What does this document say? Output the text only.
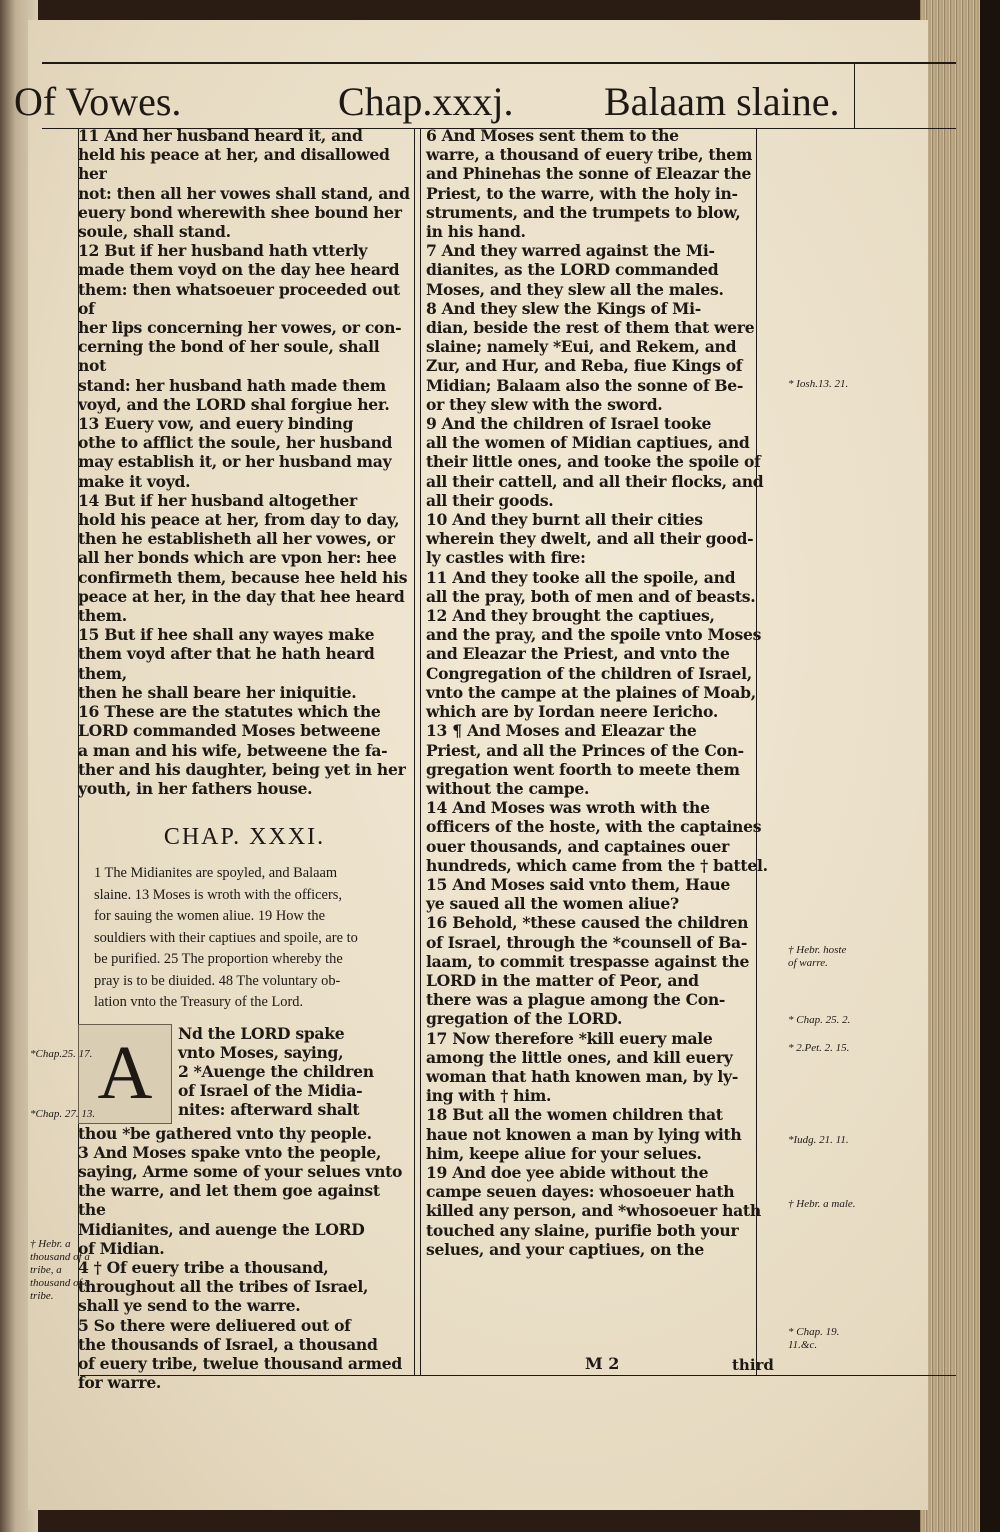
Of Vowes.	Chap.xxxj. Balaam slaine.

11 And her husband heard it, and

held his peace at her, and disallowed her

not: then all her vowes shall stand, and

euery bond wherewith shee bound her

soule, shall stand.

12 But if her husband hath vtterly

made them voyd on the day hee heard

them: then whatsoeuer proceeded out of

her lips concerning her vowes, or con-

cerning the bond of her soule, shall not

stand: her husband hath made them

voyd, and the LORD shal forgiue her.

13 Euery vow, and euery binding

othe to afflict the soule, her husband

may establish it, or her husband may

make it voyd.

14 But if her husband altogether

hold his peace at her, from day to day,

then he establisheth all her vowes, or

all her bonds which are vpon her: hee

confirmeth them, because hee held his

peace at her, in the day that hee heard

them.

15 But if hee shall any wayes make

them voyd after that he hath heard them,

then he shall beare her iniquitie.

16 These are the statutes which the

LORD commanded Moses betweene

a man and his wife, betweene the fa-

ther and his daughter, being yet in her

youth, in her fathers house.

CHAP. XXXI.

1 The Midianites are spoyled, and Balaam

slaine. 13 Moses is wroth with the officers,

for sauing the women aliue. 19 How the

souldiers with their captiues and spoile, are to

be purified. 25 The proportion whereby the

pray is to be diuided. 48 The voluntary ob-

lation vnto the Treasury of the Lord.

A	Nd the LORD spake

vnto Moses, saying,

2 *Auenge the children

of Israel of the Midia-

nites: afterward shalt

thou *be gathered vnto thy people.

3 And Moses spake vnto the people,

saying, Arme some of your selues vnto

the warre, and let them goe against the

Midianites, and auenge the LORD

of Midian.

4 † Of euery tribe a thousand,

throughout all the tribes of Israel,

shall ye send to the warre.

5 So there were deliuered out of

the thousands of Israel, a thousand

of euery tribe, twelue thousand armed

for warre.

6 And Moses sent them to the

warre, a thousand of euery tribe, them

and Phinehas the sonne of Eleazar the

Priest, to the warre, with the holy in-

struments, and the trumpets to blow,

in his hand.

7 And they warred against the Mi-

dianites, as the LORD commanded

Moses, and they slew all the males.

8 And they slew the Kings of Mi-

dian, beside the rest of them that were

slaine; namely *Eui, and Rekem, and

Zur, and Hur, and Reba, fiue Kings of

Midian; Balaam also the sonne of Be-

or they slew with the sword.

9 And the children of Israel tooke

all the women of Midian captiues, and

their little ones, and tooke the spoile of

all their cattell, and all their flocks, and

all their goods.

10 And they burnt all their cities

wherein they dwelt, and all their good-

ly castles with fire:

11 And they tooke all the spoile, and

all the pray, both of men and of beasts.

12 And they brought the captiues,

and the pray, and the spoile vnto Moses

and Eleazar the Priest, and vnto the

Congregation of the children of Israel,

vnto the campe at the plaines of Moab,

which are by Iordan neere Iericho.

13 ¶ And Moses and Eleazar the

Priest, and all the Princes of the Con-

gregation went foorth to meete them

without the campe.

14 And Moses was wroth with the

officers of the hoste, with the captaines

ouer thousands, and captaines ouer

hundreds, which came from the † battel.

15 And Moses said vnto them, Haue

ye saued all the women aliue?

16 Behold, *these caused the children

of Israel, through the *counsell of Ba-

laam, to commit trespasse against the

LORD in the matter of Peor, and

there was a plague among the Con-

gregation of the LORD.

17 Now therefore *kill euery male

among the little ones, and kill euery

woman that hath knowen man, by ly-

ing with † him.

18 But all the women children that

haue not knowen a man by lying with

him, keepe aliue for your selues.

19 And doe yee abide without the

campe seuen dayes: whosoeuer hath

killed any person, and *whosoeuer hath

touched any slaine, purifie both your

selues, and your captiues, on the

*Chap.25. 17.
*Chap. 27. 13.
† Hebr. a thousand of a tribe, a thousand of a tribe.
* Iosh.13. 21.
† Hebr. hoste of warre.
* Chap. 25. 2.
* 2.Pet. 2. 15.
*Iudg. 21. 11.
† Hebr. a male.
* Chap. 19. 11.&c.
M 2	third
